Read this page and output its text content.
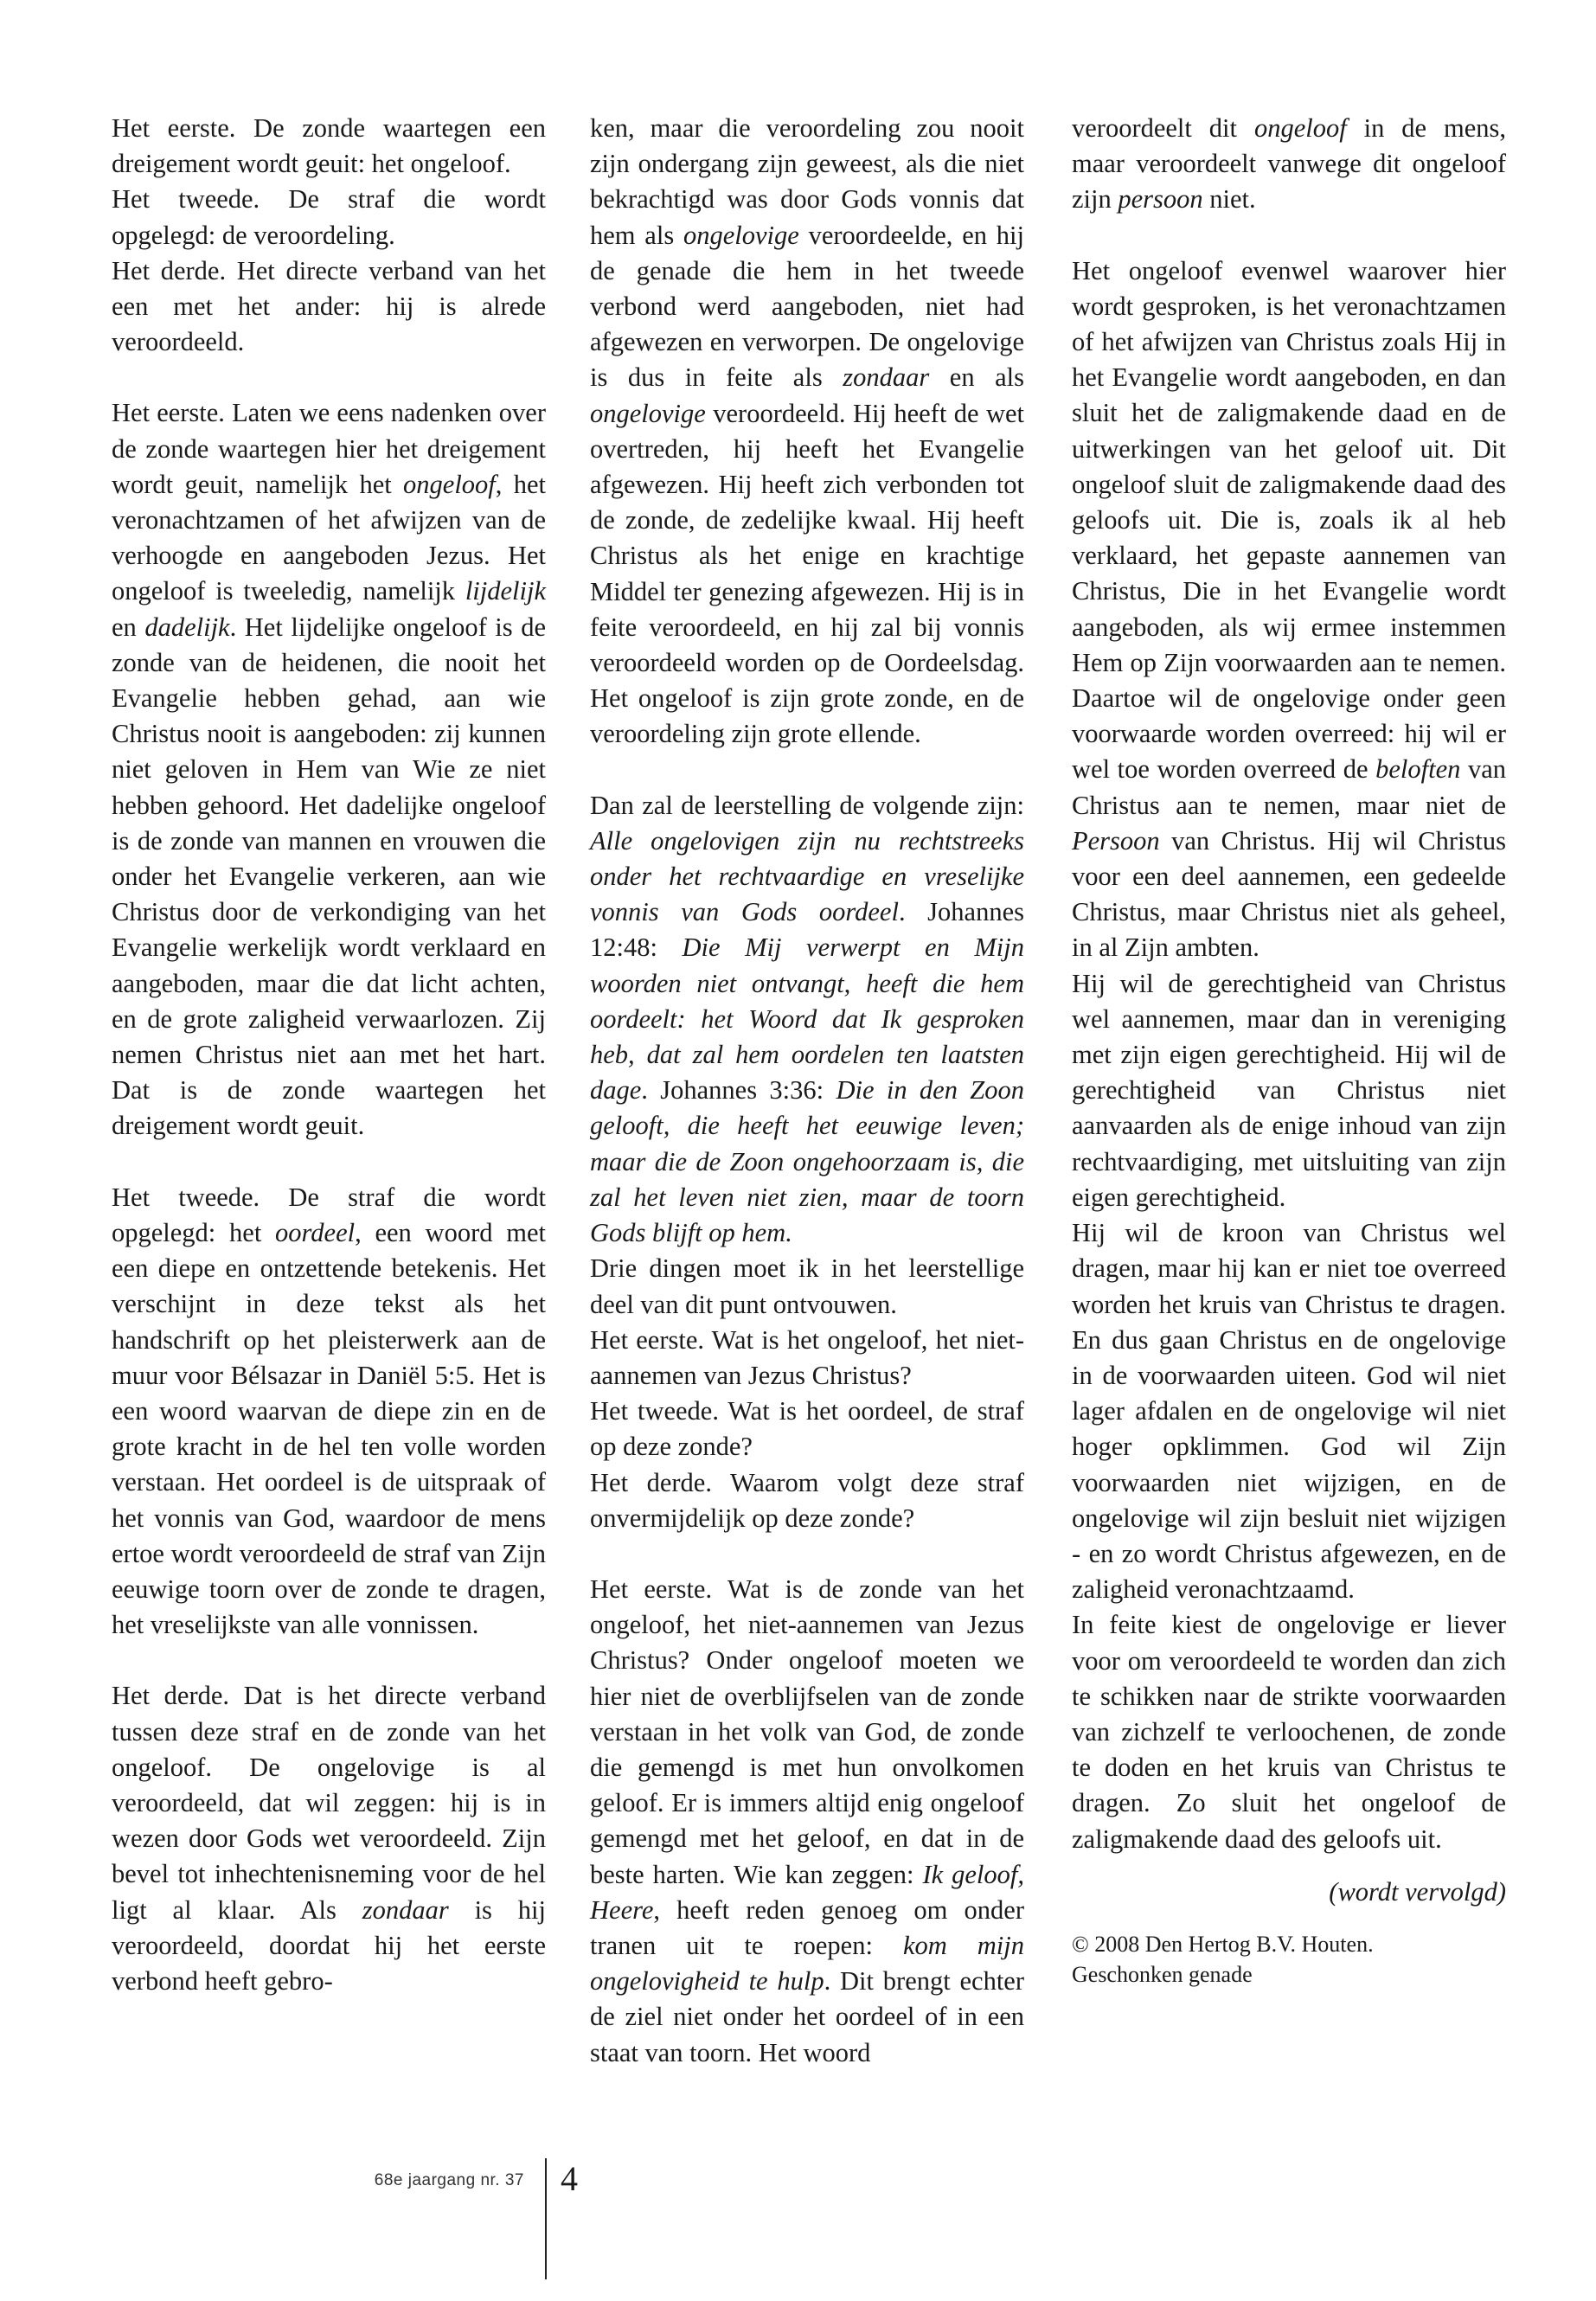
Het eerste. De zonde waartegen een dreigement wordt geuit: het ongeloof.
Het tweede. De straf die wordt opgelegd: de veroordeling.
Het derde. Het directe verband van het een met het ander: hij is alrede veroordeeld.

Het eerste. Laten we eens nadenken over de zonde waartegen hier het dreigement wordt geuit, namelijk het ongeloof, het veronachtzamen of het afwijzen van de verhoogde en aangeboden Jezus. Het ongeloof is tweeledig, namelijk lijdelijk en dadelijk. Het lijdelijke ongeloof is de zonde van de heidenen, die nooit het Evangelie hebben gehad, aan wie Christus nooit is aangeboden: zij kunnen niet geloven in Hem van Wie ze niet hebben gehoord. Het dadelijke ongeloof is de zonde van mannen en vrouwen die onder het Evangelie verkeren, aan wie Christus door de verkondiging van het Evangelie werkelijk wordt verklaard en aangeboden, maar die dat licht achten, en de grote zaligheid verwaarlozen. Zij nemen Christus niet aan met het hart. Dat is de zonde waartegen het dreigement wordt geuit.

Het tweede. De straf die wordt opgelegd: het oordeel, een woord met een diepe en ontzettende betekenis. Het verschijnt in deze tekst als het handschrift op het pleisterwerk aan de muur voor Bélsazar in Daniël 5:5. Het is een woord waarvan de diepe zin en de grote kracht in de hel ten volle worden verstaan. Het oordeel is de uitspraak of het vonnis van God, waardoor de mens ertoe wordt veroordeeld de straf van Zijn eeuwige toorn over de zonde te dragen, het vreselijkste van alle vonnissen.

Het derde. Dat is het directe verband tussen deze straf en de zonde van het ongeloof. De ongelovige is al veroordeeld, dat wil zeggen: hij is in wezen door Gods wet veroordeeld. Zijn bevel tot inhechtenisneming voor de hel ligt al klaar. Als zondaar is hij veroordeeld, doordat hij het eerste verbond heeft gebro-

ken, maar die veroordeling zou nooit zijn ondergang zijn geweest, als die niet bekrachtigd was door Gods vonnis dat hem als ongelovige veroordeelde, en hij de genade die hem in het tweede verbond werd aangeboden, niet had afgewezen en verworpen. De ongelovige is dus in feite als zondaar en als ongelovige veroordeeld. Hij heeft de wet overtreden, hij heeft het Evangelie afgewezen. Hij heeft zich verbonden tot de zonde, de zedelijke kwaal. Hij heeft Christus als het enige en krachtige Middel ter genezing afgewezen. Hij is in feite veroordeeld, en hij zal bij vonnis veroordeeld worden op de Oordeelsdag. Het ongeloof is zijn grote zonde, en de veroordeling zijn grote ellende.

Dan zal de leerstelling de volgende zijn: Alle ongelovigen zijn nu rechtstreeks onder het rechtvaardige en vreselijke vonnis van Gods oordeel. Johannes 12:48: Die Mij verwerpt en Mijn woorden niet ontvangt, heeft die hem oordeelt: het Woord dat Ik gesproken heb, dat zal hem oordelen ten laatsten dage. Johannes 3:36: Die in den Zoon gelooft, die heeft het eeuwige leven; maar die de Zoon ongehoorzaam is, die zal het leven niet zien, maar de toorn Gods blijft op hem.

Drie dingen moet ik in het leerstellige deel van dit punt ontvouwen.
Het eerste. Wat is het ongeloof, het niet-aannemen van Jezus Christus?
Het tweede. Wat is het oordeel, de straf op deze zonde?
Het derde. Waarom volgt deze straf onvermijdelijk op deze zonde?

Het eerste. Wat is de zonde van het ongeloof, het niet-aannemen van Jezus Christus? Onder ongeloof moeten we hier niet de overblijfselen van de zonde verstaan in het volk van God, de zonde die gemengd is met hun onvolkomen geloof. Er is immers altijd enig ongeloof gemengd met het geloof, en dat in de beste harten. Wie kan zeggen: Ik geloof, Heere, heeft reden genoeg om onder tranen uit te roepen: kom mijn ongelovigheid te hulp. Dit brengt echter de ziel niet onder het oordeel of in een staat van toorn. Het woord

veroordeelt dit ongeloof in de mens, maar veroordeelt vanwege dit ongeloof zijn persoon niet.

Het ongeloof evenwel waarover hier wordt gesproken, is het veronachtzamen of het afwijzen van Christus zoals Hij in het Evangelie wordt aangeboden, en dan sluit het de zaligmakende daad en de uitwerkingen van het geloof uit. Dit ongeloof sluit de zaligmakende daad des geloofs uit. Die is, zoals ik al heb verklaard, het gepaste aannemen van Christus, Die in het Evangelie wordt aangeboden, als wij ermee instemmen Hem op Zijn voorwaarden aan te nemen. Daartoe wil de ongelovige onder geen voorwaarde worden overreed: hij wil er wel toe worden overreed de beloften van Christus aan te nemen, maar niet de Persoon van Christus. Hij wil Christus voor een deel aannemen, een gedeelde Christus, maar Christus niet als geheel, in al Zijn ambten.

Hij wil de gerechtigheid van Christus wel aannemen, maar dan in vereniging met zijn eigen gerechtigheid. Hij wil de gerechtigheid van Christus niet aanvaarden als de enige inhoud van zijn rechtvaardiging, met uitsluiting van zijn eigen gerechtigheid.

Hij wil de kroon van Christus wel dragen, maar hij kan er niet toe overreed worden het kruis van Christus te dragen. En dus gaan Christus en de ongelovige in de voorwaarden uiteen. God wil niet lager afdalen en de ongelovige wil niet hoger opklimmen. God wil Zijn voorwaarden niet wijzigen, en de ongelovige wil zijn besluit niet wijzigen - en zo wordt Christus afgewezen, en de zaligheid veronachtzaamd.

In feite kiest de ongelovige er liever voor om veroordeeld te worden dan zich te schikken naar de strikte voorwaarden van zichzelf te verloochenen, de zonde te doden en het kruis van Christus te dragen. Zo sluit het ongeloof de zaligmakende daad des geloofs uit.

(wordt vervolgd)

© 2008 Den Hertog B.V. Houten.
Geschonken genade

68e jaargang nr. 37 4
